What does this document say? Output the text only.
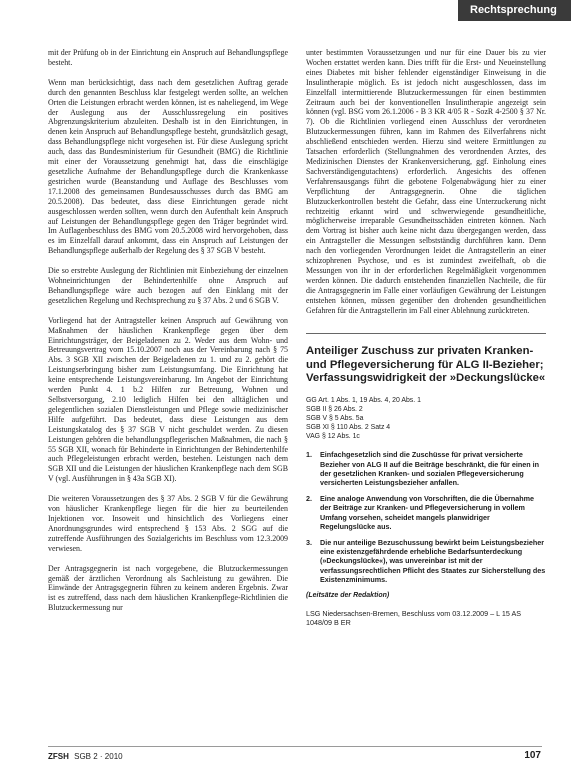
Rechtsprechung

mit der Prüfung ob in der Einrichtung ein Anspruch auf Behandlungspflege besteht.

Wenn man berücksichtigt, dass nach dem gesetzlichen Auftrag gerade durch den genannten Beschluss klar festgelegt werden sollte, an welchen Orten die Leistungen erbracht werden können, ist es naheliegend, im Wege der Auslegung aus der Ausschlussregelung ein positives Abgrenzungskriterium abzuleiten. Deshalb ist in den Einrichtungen, in denen kein Anspruch auf Behandlungspflege besteht, grundsätzlich gesagt, dass Behandlungspflege nicht vorgesehen ist. Für diese Auslegung spricht auch, dass das Bundesministerium für Gesundheit (BMG) die Richtlinie mit einer der Voraussetzung genehmigt hat, dass die einschlägige gesetzliche Aufnahme der Behandlungspflege durch die Krankenkasse gestrichen wurde (Beanstandung und Auflage des Beschlusses vom 17.1.2008 des gemeinsamen Bundesausschusses durch das BMG am 20.5.2008). Das bedeutet, dass diese Einrichtungen gerade nicht ausgeschlossen werden sollten, wenn durch den Aufenthalt kein Anspruch auf Leistungen der Behandlungspflege gegen den Träger begründet wird. Im Auflagenbeschluss des BMG vom 20.5.2008 wird hervorgehoben, dass es im Einzelfall darauf ankommt, dass ein Anspruch auf Leistungen der Behandlungspflege außerhalb der Regelung des § 37 SGB V besteht.

Die so erstrebte Auslegung der Richtlinien mit Einbeziehung der einzelnen Wohneinrichtungen der Behindertenhilfe ohne Anspruch auf Behandlungspflege wäre auch bezogen auf den Einklang mit der gesetzlichen Regelung und Rechtsprechung zu § 37 Abs. 2 und 6 SGB V.

Vorliegend hat der Antragsteller keinen Anspruch auf Gewährung von Maßnahmen der häuslichen Krankenpflege gegen über dem Einrichtungsträger, der Beigeladenen zu 2. Weder aus dem Wohn- und Betreuungsvertrag vom 15.10.2007 noch aus der Vereinbarung nach § 75 Abs. 3 SGB XII zwischen der Beigeladenen zu 1. und zu 2. gehört die Leistungserbringung bisher zum Leistungsumfang. Die Einrichtung hat keine entsprechende Leistungsvereinbarung. Im Angebot der Einrichtung werden Punkt 4. 1 b.2 Hilfen zur Betreuung, Wohnen und Selbstversorgung, 2.10 lediglich Hilfen bei den alltäglichen und gelegentlichen sozialen Dienstleistungen und Pflege sowie medizinischer Hilfe aufgeführt. Das bedeutet, dass diese Leistungen aus dem Leistungskatalog des § 37 SGB V nicht geschuldet werden. Zu diesen Leistungen gehören die behandlungspflegerischen Maßnahmen, die nach § 55 SGB XII, wonach für Behinderte in Einrichtungen der Behindertenhilfe auch Pflegeleistungen erbracht werden, bestehen. Leistungen nach dem SGB XII und die Leistungen der häuslichen Krankenpflege nach dem SGB V (vgl. Ausführungen in § 43a SGB XI).

Die weiteren Voraussetzungen des § 37 Abs. 2 SGB V für die Gewährung von häuslicher Krankenpflege liegen für die hier zu beurteilenden Injektionen vor. Insoweit und hinsichtlich des Vorliegens einer Anordnungsgrundes wird entsprechend § 153 Abs. 2 SGG auf die zutreffende Ausführungen des Sozialgerichts im Beschluss vom 12.3.2009 verwiesen.

Der Antragsgegnerin ist nach vorgegebene, die Blutzuckermessungen gemäß der ärztlichen Verordnung als Sachleistung zu gewähren. Die Einwände der Antragsgegnerin führen zu keinem anderen Ergebnis. Zwar ist es zutreffend, dass nach dem häuslichen Krankenpflege-Richtlinien die Blutzuckermessung nur

unter bestimmten Voraussetzungen und nur für eine Dauer bis zu vier Wochen erstattet werden kann. Dies trifft für die Erst- und Neueinstellung eines Diabetes mit bisher fehlender eigenständiger Einweisung in die Insulintherapie möglich. Es ist jedoch nicht ausgeschlossen, dass im Einzelfall intermittierende Blutzuckermessungen für einen bestimmten Zeitraum auch bei der konventionellen Insulintherapie angezeigt sein können (vgl. BSG vom 26.1.2006 - B 3 KR 4/05 R - SozR 4-2500 § 37 Nr. 7). Ob die Richtlinien vorliegend einen Ausschluss der verordneten Blutzuckermessungen führen, kann im Rahmen des Eilverfahrens nicht abschließend entschieden werden. Hierzu sind weitere Ermittlungen zu Tatsachen erforderlich (Stellungnahmen des verordnenden Arztes, des Medizinischen Dienstes der Krankenversicherung, ggf. Einholung eines Sachverständigengutachtens) erforderlich. Angesichts des offenen Verfahrensausgangs führt die gebotene Folgenabwägung hier zu einer Verpflichtung der Antragsgegnerin. Ohne die täglichen Blutzuckerkontrollen besteht die Gefahr, dass eine Unterzuckerung nicht rechtzeitig erkannt wird und schwerwiegende gesundheitliche, möglicherweise irreparable Gesundheitsschäden eintreten können. Nach dem Vortrag ist bisher auch keine nicht dazu übergegangen werden, dass ein Antragsteller die Messungen selbstständig durchführen kann. Denn nach den vorliegenden Verordnungen leidet die Antragstellerin an einer schizophrenen Psychose, und es ist zumindest zweifelhaft, ob die Messungen von ihr in der erforderlichen Regelmäßigkeit vorgenommen werden können. Die dadurch entstehenden finanziellen Nachteile, die für die Antragsgegnerin im Falle einer vorläufigen Gewährung der Leistungen entstehen können, müssen gegenüber den drohenden gesundheitlichen Gefahren für die Antragstellerin im Fall einer Ablehnung zurücktreten.

Anteiliger Zuschuss zur privaten Kranken- und Pflegeversicherung für ALG II-Bezieher; Verfassungswidrigkeit der »Deckungslücke«
GG Art. 1 Abs. 1, 19 Abs. 4, 20 Abs. 1
SGB II § 26 Abs. 2
SGB V § 5 Abs. 5a
SGB XI § 110 Abs. 2 Satz 4
VAG § 12 Abs. 1c
1. Einfachgesetzlich sind die Zuschüsse für privat versicherte Bezieher von ALG II auf die Beiträge beschränkt, die für einen in der gesetzlichen Kranken- und sozialen Pflegeversicherung versicherten Leistungsbezieher anfallen.
2. Eine analoge Anwendung von Vorschriften, die die Übernahme der Beiträge zur Kranken- und Pflegeversicherung in vollem Umfang vorsehen, scheidet mangels planwidriger Regelungslücke aus.
3. Die nur anteilige Bezuschussung bewirkt beim Leistungsbezieher eine existenzgefährdende erhebliche Bedarfsunterdeckung (»Deckungslücke«), was unvereinbar ist mit der verfassungsrechtlichen Pflicht des Staates zur Sicherstellung des Existenzminimums.
(Leitsätze der Redaktion)
LSG Niedersachsen-Bremen, Beschluss vom 03.12.2009 – L 15 AS 1048/09 B ER
ZFSH SGB 2 · 2010	107
